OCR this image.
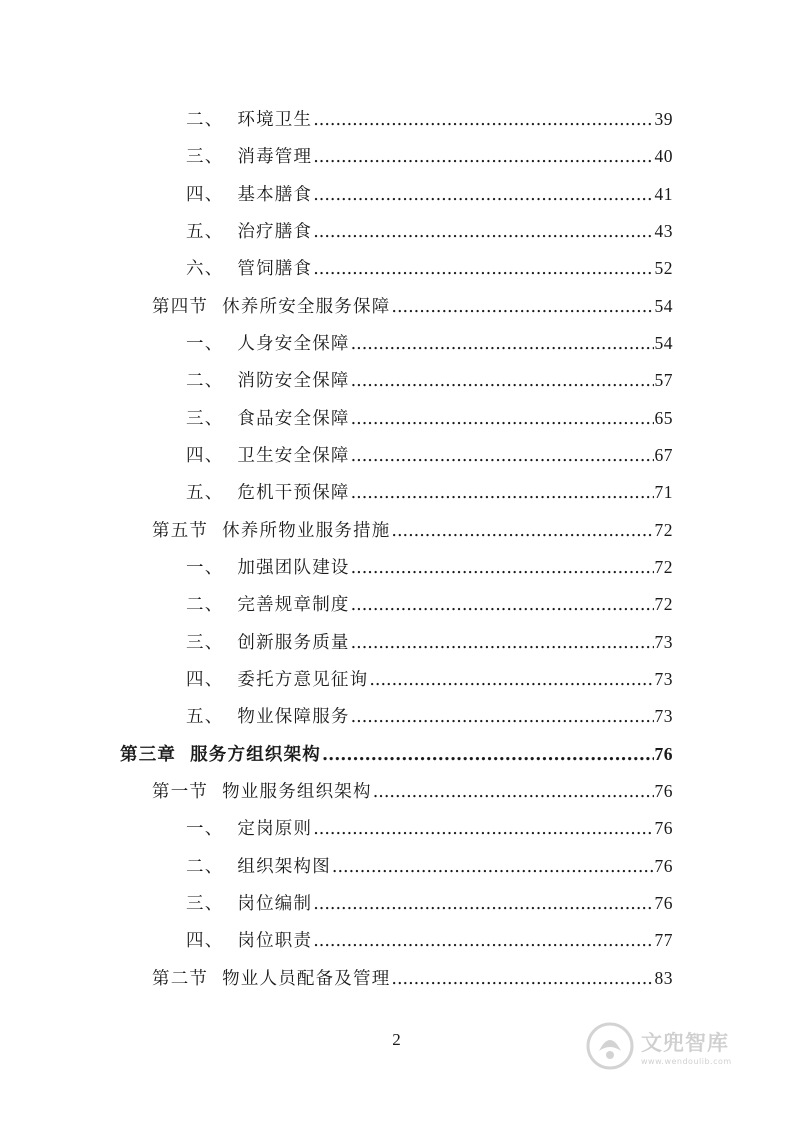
二、 环境卫生 .....	39
三、 消毒管理 .....	40
四、 基本膳食 .....	41
五、 治疗膳食 .....	43
六、 管饲膳食 .....	52
第四节 休养所安全服务保障 .....	54
一、 人身安全保障 .....	54
二、 消防安全保障 .....	57
三、 食品安全保障 .....	65
四、 卫生安全保障 .....	67
五、 危机干预保障 .....	71
第五节 休养所物业服务措施 .....	72
一、 加强团队建设 .....	72
二、 完善规章制度 .....	72
三、 创新服务质量 .....	73
四、 委托方意见征询 .....	73
五、 物业保障服务 .....	73
第三章 服务方组织架构 .....	76
第一节 物业服务组织架构 .....	76
一、 定岗原则 .....	76
二、 组织架构图 .....	76
三、 岗位编制 .....	76
四、 岗位职责 .....	77
第二节 物业人员配备及管理 .....	83
2	文兜智库
www.wendoulib.com
